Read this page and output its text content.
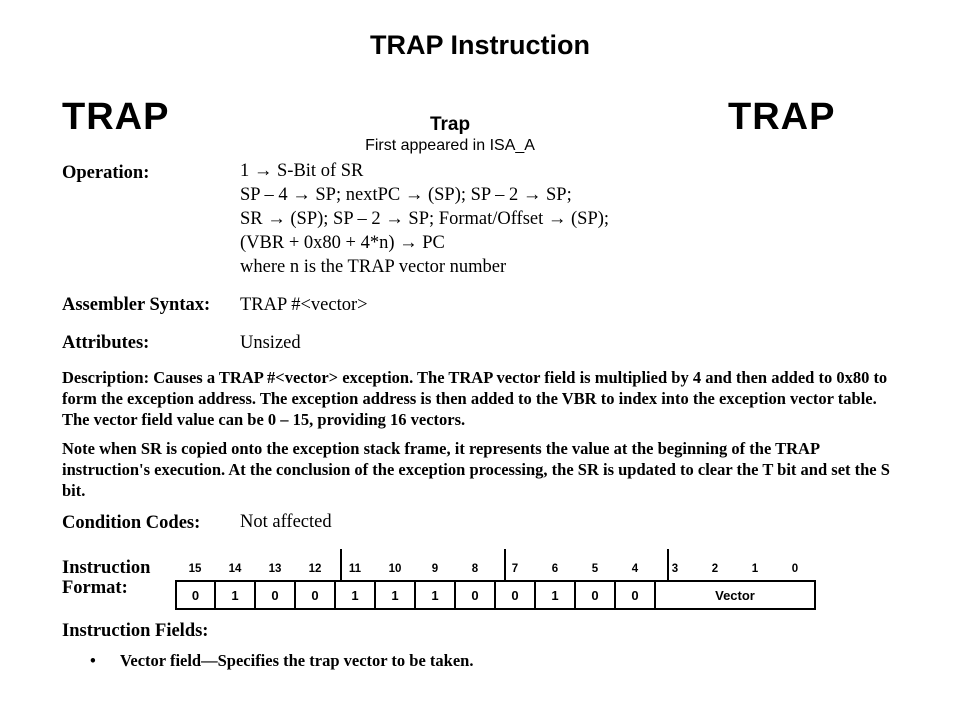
TRAP Instruction
TRAP	TRAP
Trap
First appeared in ISA_A
Operation:	1 → S-Bit of SR
SP – 4 → SP; nextPC → (SP); SP – 2 → SP;
SR → (SP); SP – 2 → SP; Format/Offset → (SP);
(VBR + 0x80 + 4*n) → PC
where n is the TRAP vector number
Assembler Syntax: TRAP #<vector>
Attributes:	Unsized
Description: Causes a TRAP #<vector> exception. The TRAP vector field is multiplied by 4 and then added to 0x80 to form the exception address. The exception address is then added to the VBR to index into the exception vector table. The vector field value can be 0 – 15, providing 16 vectors.
Note when SR is copied onto the exception stack frame, it represents the value at the beginning of the TRAP instruction's execution. At the conclusion of the exception processing, the SR is updated to clear the T bit and set the S bit.
Condition Codes: Not affected
Instruction
Format:
15	14	13	12	11	10	9	8	7	6	5	4	3	2	1	0
0	1	0	0	1	1	1	0	0	1	0	0	Vector
Instruction Fields:
• Vector field—Specifies the trap vector to be taken.
